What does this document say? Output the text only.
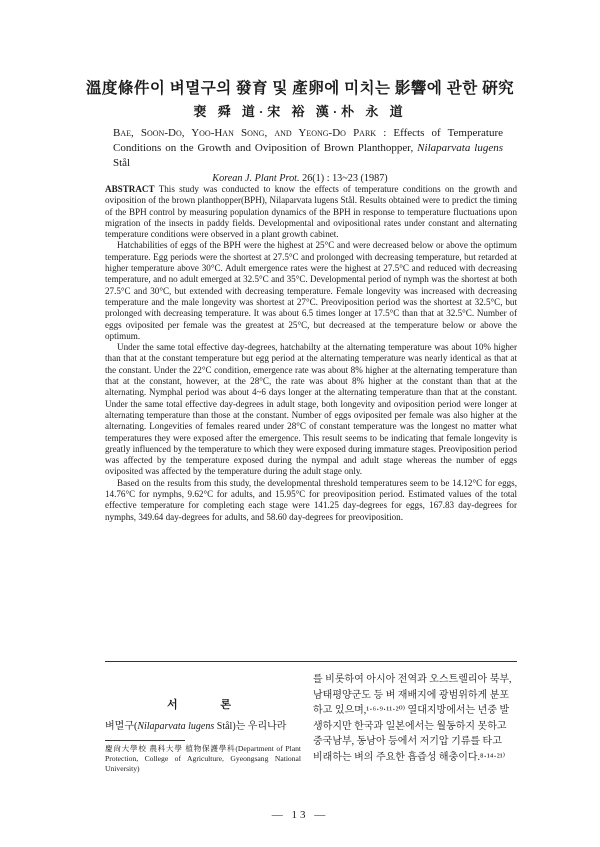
溫度條件이 벼멸구의 發育 및 產卵에 미치는 影響에 관한 硏究
裵 舜 道·宋 裕 漢·朴 永 道
Bae, Soon-Do, Yoo-Han Song, and Yeong-Do Park : Effects of Temperature Conditions on the Growth and Oviposition of Brown Planthopper, Nilaparvata lugens Stål
Korean J. Plant Prot. 26(1) : 13~23 (1987)

ABSTRACT This study was conducted to know the effects of temperature conditions on the growth and oviposition of the brown planthopper(BPH), Nilaparvata lugens Stål. Results obtained were to predict the timing of the BPH control by measuring population dynamics of the BPH in response to temperature fluctuations upon migration of the insects in paddy fields. Developmental and ovipositional rates under constant and alternating temperature conditions were observed in a plant growth cabinet.

Hatchabilities of eggs of the BPH were the highest at 25°C and were decreased below or above the optimum temperature. Egg periods were the shortest at 27.5°C and prolonged with decreasing temperature, but retarded at higher temperature above 30°C. Adult emergence rates were the highest at 27.5°C and reduced with decreasing temperature, and no adult emerged at 32.5°C and 35°C. Developmental period of nymph was the shortest at both 27.5°C and 30°C, but extended with decreasing temperature. Female longevity was increased with decreasing temperature and the male longevity was shortest at 27°C. Preoviposition period was the shortest at 32.5°C, but prolonged with decreasing temperature. It was about 6.5 times longer at 17.5°C than that at 32.5°C. Number of eggs oviposited per female was the greatest at 25°C, but decreased at the temperature below or above the optimum.

Under the same total effective day-degrees, hatchabilty at the alternating temperature was about 10% higher than that at the constant temperature but egg period at the alternating temperature was nearly identical as that at the constant. Under the 22°C condition, emergence rate was about 8% higher at the alternating temperature than that at the constant, however, at the 28°C, the rate was about 8% higher at the constant than that at the alternating. Nymphal period was about 4~6 days longer at the alternating temperature than that at the constant. Under the same total effective day-degrees in adult stage, both longevity and oviposition period were longer at alternating temperature than those at the constant. Number of eggs oviposited per female was also higher at the alternating. Longevities of females reared under 28°C of constant temperature was the longest no matter what temperatures they were exposed after the emergence. This result seems to be indicating that female longevity is greatly influenced by the temperature to which they were exposed during immature stages. Preoviposition period was affected by the temperature exposed during the nympal and adult stage whereas the number of eggs oviposited was affected by the temperature during the adult stage only.

Based on the results from this study, the developmental threshold temperatures seem to be 14.12°C for eggs, 14.76°C for nymphs, 9.62°C for adults, and 15.95°C for preoviposition period. Estimated values of the total effective temperature for completing each stage were 141.25 day-degrees for eggs, 167.83 day-degrees for nymphs, 349.64 day-degrees for adults, and 58.60 day-degrees for preoviposition.

서 론
벼멸구(Nilaparvata lugens Stål)는 우리나라
慶尙大學校 農科大學 植物保護學科(Department of Plant Protection, College of Agriculture, Gyeongsang National University)
를 비롯하여 아시아 전역과 오스트렐리아 북부,
남태평양군도 등 벼 재배지에 광범위하게 분포
하고 있으며,¹·⁶·⁹·¹¹·²⁰⁾ 열대지방에서는 년중 발
생하지만 한국과 일본에서는 월동하지 못하고
중국남부, 동남아 등에서 저기압 기류를 타고
비래하는 벼의 주요한 흡즙성 해충이다.⁸·¹⁴·²¹⁾
— 13 —
